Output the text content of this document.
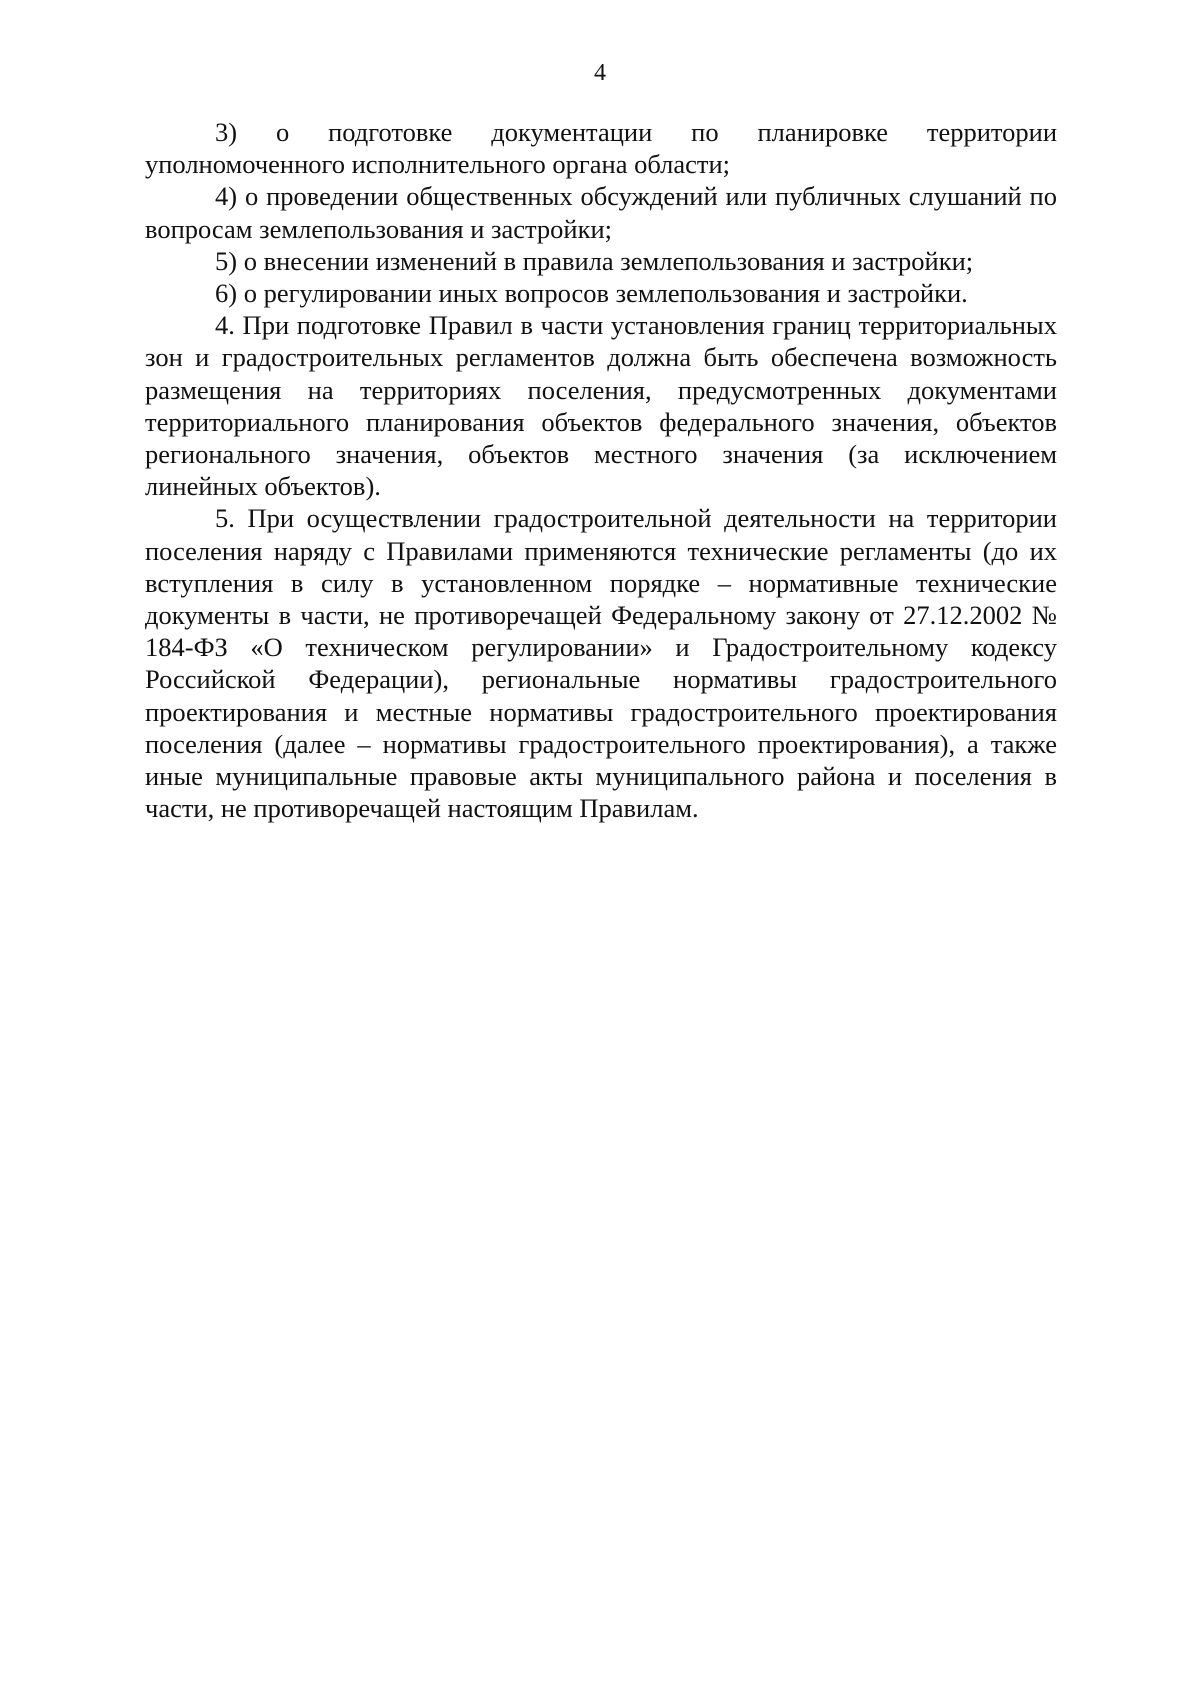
4

3) о подготовке документации по планировке территории уполномоченного исполнительного органа области;

4) о проведении общественных обсуждений или публичных слушаний по вопросам землепользования и застройки;

5) о внесении изменений в правила землепользования и застройки;

6) о регулировании иных вопросов землепользования и застройки.

4. При подготовке Правил в части установления границ территориальных зон и градостроительных регламентов должна быть обеспечена возможность размещения на территориях поселения, предусмотренных документами территориального планирования объектов федерального значения, объектов регионального значения, объектов местного значения (за исключением линейных объектов).

5. При осуществлении градостроительной деятельности на территории поселения наряду с Правилами применяются технические регламенты (до их вступления в силу в установленном порядке – нормативные технические документы в части, не противоречащей Федеральному закону от 27.12.2002 № 184-ФЗ «О техническом регулировании» и Градостроительному кодексу Российской Федерации), региональные нормативы градостроительного проектирования и местные нормативы градостроительного проектирования поселения (далее – нормативы градостроительного проектирования), а также иные муниципальные правовые акты муниципального района и поселения в части, не противоречащей настоящим Правилам.
